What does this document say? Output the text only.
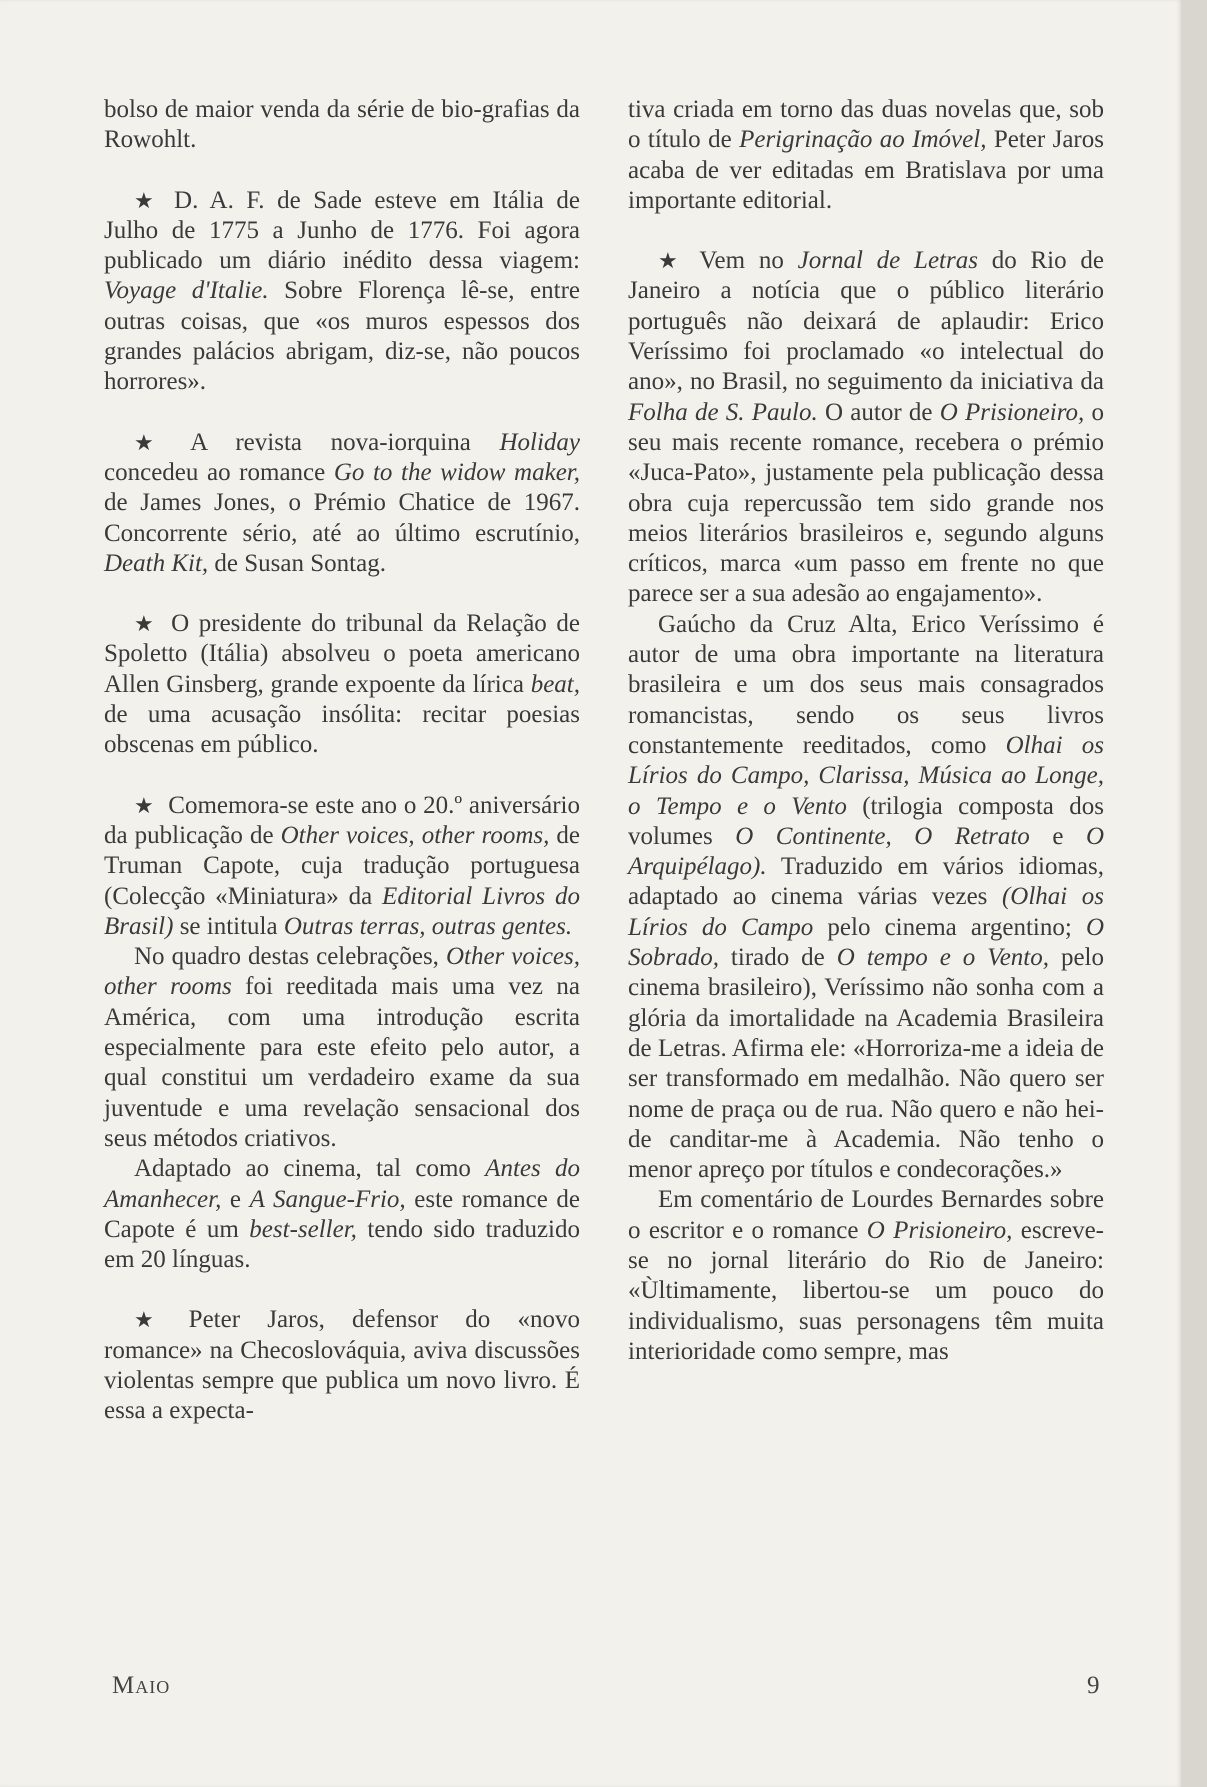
bolso de maior venda da série de bio-grafias da Rowohlt.

★ D. A. F. de Sade esteve em Itália de Julho de 1775 a Junho de 1776. Foi agora publicado um diário inédito dessa viagem: Voyage d'Italie. Sobre Florença lê-se, entre outras coisas, que «os muros espessos dos grandes palácios abrigam, diz-se, não poucos horrores».

★ A revista nova-iorquina Holiday concedeu ao romance Go to the widow maker, de James Jones, o Prémio Chatice de 1967. Concorrente sério, até ao último escrutínio, Death Kit, de Susan Sontag.

★ O presidente do tribunal da Relação de Spoletto (Itália) absolveu o poeta americano Allen Ginsberg, grande expoente da lírica beat, de uma acusação insólita: recitar poesias obscenas em público.

★ Comemora-se este ano o 20.º aniversário da publicação de Other voices, other rooms, de Truman Capote, cuja tradução portuguesa (Colecção «Miniatura» da Editorial Livros do Brasil) se intitula Outras terras, outras gentes.

No quadro destas celebrações, Other voices, other rooms foi reeditada mais uma vez na América, com uma introdução escrita especialmente para este efeito pelo autor, a qual constitui um verdadeiro exame da sua juventude e uma revelação sensacional dos seus métodos criativos.

Adaptado ao cinema, tal como Antes do Amanhecer, e A Sangue-Frio, este romance de Capote é um best-seller, tendo sido traduzido em 20 línguas.

★ Peter Jaros, defensor do «novo romance» na Checoslováquia, aviva discussões violentas sempre que publica um novo livro. É essa a expecta-

tiva criada em torno das duas novelas que, sob o título de Perigrinação ao Imóvel, Peter Jaros acaba de ver editadas em Bratislava por uma importante editorial.

★ Vem no Jornal de Letras do Rio de Janeiro a notícia que o público literário português não deixará de aplaudir: Erico Veríssimo foi proclamado «o intelectual do ano», no Brasil, no seguimento da iniciativa da Folha de S. Paulo. O autor de O Prisioneiro, o seu mais recente romance, recebera o prémio «Juca-Pato», justamente pela publicação dessa obra cuja repercussão tem sido grande nos meios literários brasileiros e, segundo alguns críticos, marca «um passo em frente no que parece ser a sua adesão ao engajamento».

Gaúcho da Cruz Alta, Erico Veríssimo é autor de uma obra importante na literatura brasileira e um dos seus mais consagrados romancistas, sendo os seus livros constantemente reeditados, como Olhai os Lírios do Campo, Clarissa, Música ao Longe, o Tempo e o Vento (trilogia composta dos volumes O Continente, O Retrato e O Arquipélago). Traduzido em vários idiomas, adaptado ao cinema várias vezes (Olhai os Lírios do Campo pelo cinema argentino; O Sobrado, tirado de O tempo e o Vento, pelo cinema brasileiro), Veríssimo não sonha com a glória da imortalidade na Academia Brasileira de Letras. Afirma ele: «Horroriza-me a ideia de ser transformado em medalhão. Não quero ser nome de praça ou de rua. Não quero e não hei-de canditar-me à Academia. Não tenho o menor apreço por títulos e condecorações.»

Em comentário de Lourdes Bernardes sobre o escritor e o romance O Prisioneiro, escreve-se no jornal literário do Rio de Janeiro: «Ùltimamente, libertou-se um pouco do individualismo, suas personagens têm muita interioridade como sempre, mas

Maio	9
